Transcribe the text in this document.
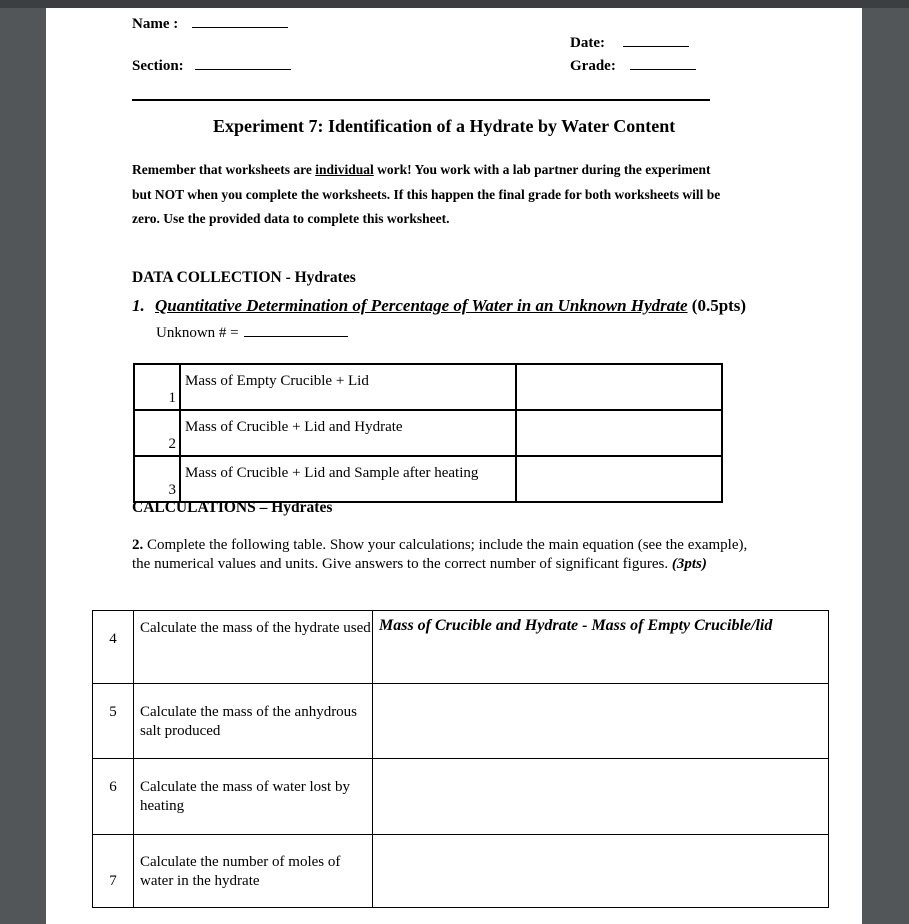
Name :
Date:
Section:	Grade:
Experiment 7: Identification of a Hydrate by Water Content
Remember that worksheets are individual work! You work with a lab partner during the experiment but NOT when you complete the worksheets. If this happen the final grade for both worksheets will be zero. Use the provided data to complete this worksheet.
DATA COLLECTION - Hydrates
1. Quantitative Determination of Percentage of Water in an Unknown Hydrate (0.5pts)
Unknown # =
1	Mass of Empty Crucible + Lid	
2	Mass of Crucible + Lid and Hydrate	
3	Mass of Crucible + Lid and Sample after heating	
CALCULATIONS – Hydrates
2. Complete the following table. Show your calculations; include the main equation (see the example), the numerical values and units. Give answers to the correct number of significant figures. (3pts)
4	Calculate the mass of the hydrate used	Mass of Crucible and Hydrate - Mass of Empty Crucible/lid
5	Calculate the mass of the anhydrous salt produced	
6	Calculate the mass of water lost by heating	
7	Calculate the number of moles of water in the hydrate	
